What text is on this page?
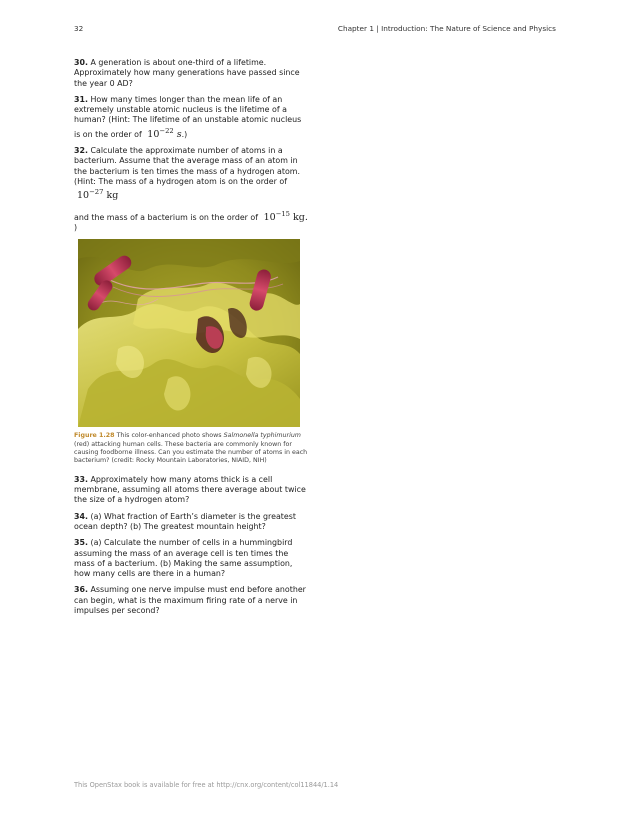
32	Chapter 1 | Introduction: The Nature of Science and Physics
30. A generation is about one-third of a lifetime. Approximately how many generations have passed since the year 0 AD?
31. How many times longer than the mean life of an extremely unstable atomic nucleus is the lifetime of a human? (Hint: The lifetime of an unstable atomic nucleus is on the order of $10^{-22}$ s.)
32. Calculate the approximate number of atoms in a bacterium. Assume that the average mass of an atom in the bacterium is ten times the mass of a hydrogen atom. (Hint: The mass of a hydrogen atom is on the order of $10^{-27}$ kg
and the mass of a bacterium is on the order of $10^{-15}$ kg. )
Figure 1.28 This color-enhanced photo shows Salmonella typhimurium (red) attacking human cells. These bacteria are commonly known for causing foodborne illness. Can you estimate the number of atoms in each bacterium? (credit: Rocky Mountain Laboratories, NIAID, NIH)
33. Approximately how many atoms thick is a cell membrane, assuming all atoms there average about twice the size of a hydrogen atom?
34. (a) What fraction of Earth’s diameter is the greatest ocean depth? (b) The greatest mountain height?
35. (a) Calculate the number of cells in a hummingbird assuming the mass of an average cell is ten times the mass of a bacterium. (b) Making the same assumption, how many cells are there in a human?
36. Assuming one nerve impulse must end before another can begin, what is the maximum firing rate of a nerve in impulses per second?
This OpenStax book is available for free at http://cnx.org/content/col11844/1.14
